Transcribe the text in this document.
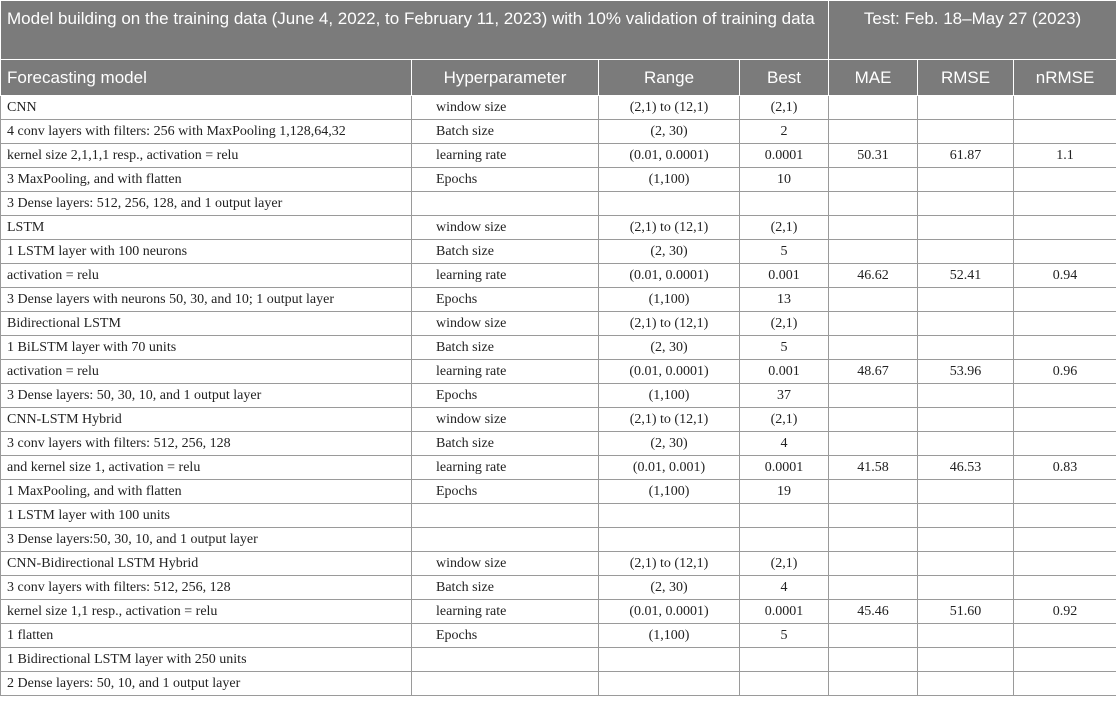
Model building on the training data (June 4, 2022, to February 11, 2023) with 10% validation of training data				Test: Feb. 18–May 27 (2023)		
Forecasting model	Hyperparameter	Range	Best	MAE	RMSE	nRMSE
CNN	window size	(2,1) to (12,1)	(2,1)			
4 conv layers with filters: 256 with MaxPooling 1,128,64,32	Batch size	(2, 30)	2			
kernel size 2,1,1,1 resp., activation = relu	learning rate	(0.01, 0.0001)	0.0001	50.31	61.87	1.1
3 MaxPooling, and with flatten	Epochs	(1,100)	10			
3 Dense layers: 512, 256, 128, and 1 output layer						
LSTM	window size	(2,1) to (12,1)	(2,1)			
1 LSTM layer with 100 neurons	Batch size	(2, 30)	5			
activation = relu	learning rate	(0.01, 0.0001)	0.001	46.62	52.41	0.94
3 Dense layers with neurons 50, 30, and 10; 1 output layer	Epochs	(1,100)	13			
Bidirectional LSTM	window size	(2,1) to (12,1)	(2,1)			
1 BiLSTM layer with 70 units	Batch size	(2, 30)	5			
activation = relu	learning rate	(0.01, 0.0001)	0.001	48.67	53.96	0.96
3 Dense layers: 50, 30, 10, and 1 output layer	Epochs	(1,100)	37			
CNN-LSTM Hybrid	window size	(2,1) to (12,1)	(2,1)			
3 conv layers with filters: 512, 256, 128	Batch size	(2, 30)	4			
and kernel size 1, activation = relu	learning rate	(0.01, 0.001)	0.0001	41.58	46.53	0.83
1 MaxPooling, and with flatten	Epochs	(1,100)	19			
1 LSTM layer with 100 units						
3 Dense layers:50, 30, 10, and 1 output layer						
CNN-Bidirectional LSTM Hybrid	window size	(2,1) to (12,1)	(2,1)			
3 conv layers with filters: 512, 256, 128	Batch size	(2, 30)	4			
kernel size 1,1 resp., activation = relu	learning rate	(0.01, 0.0001)	0.0001	45.46	51.60	0.92
1 flatten	Epochs	(1,100)	5			
1 Bidirectional LSTM layer with 250 units						
2 Dense layers: 50, 10, and 1 output layer						
